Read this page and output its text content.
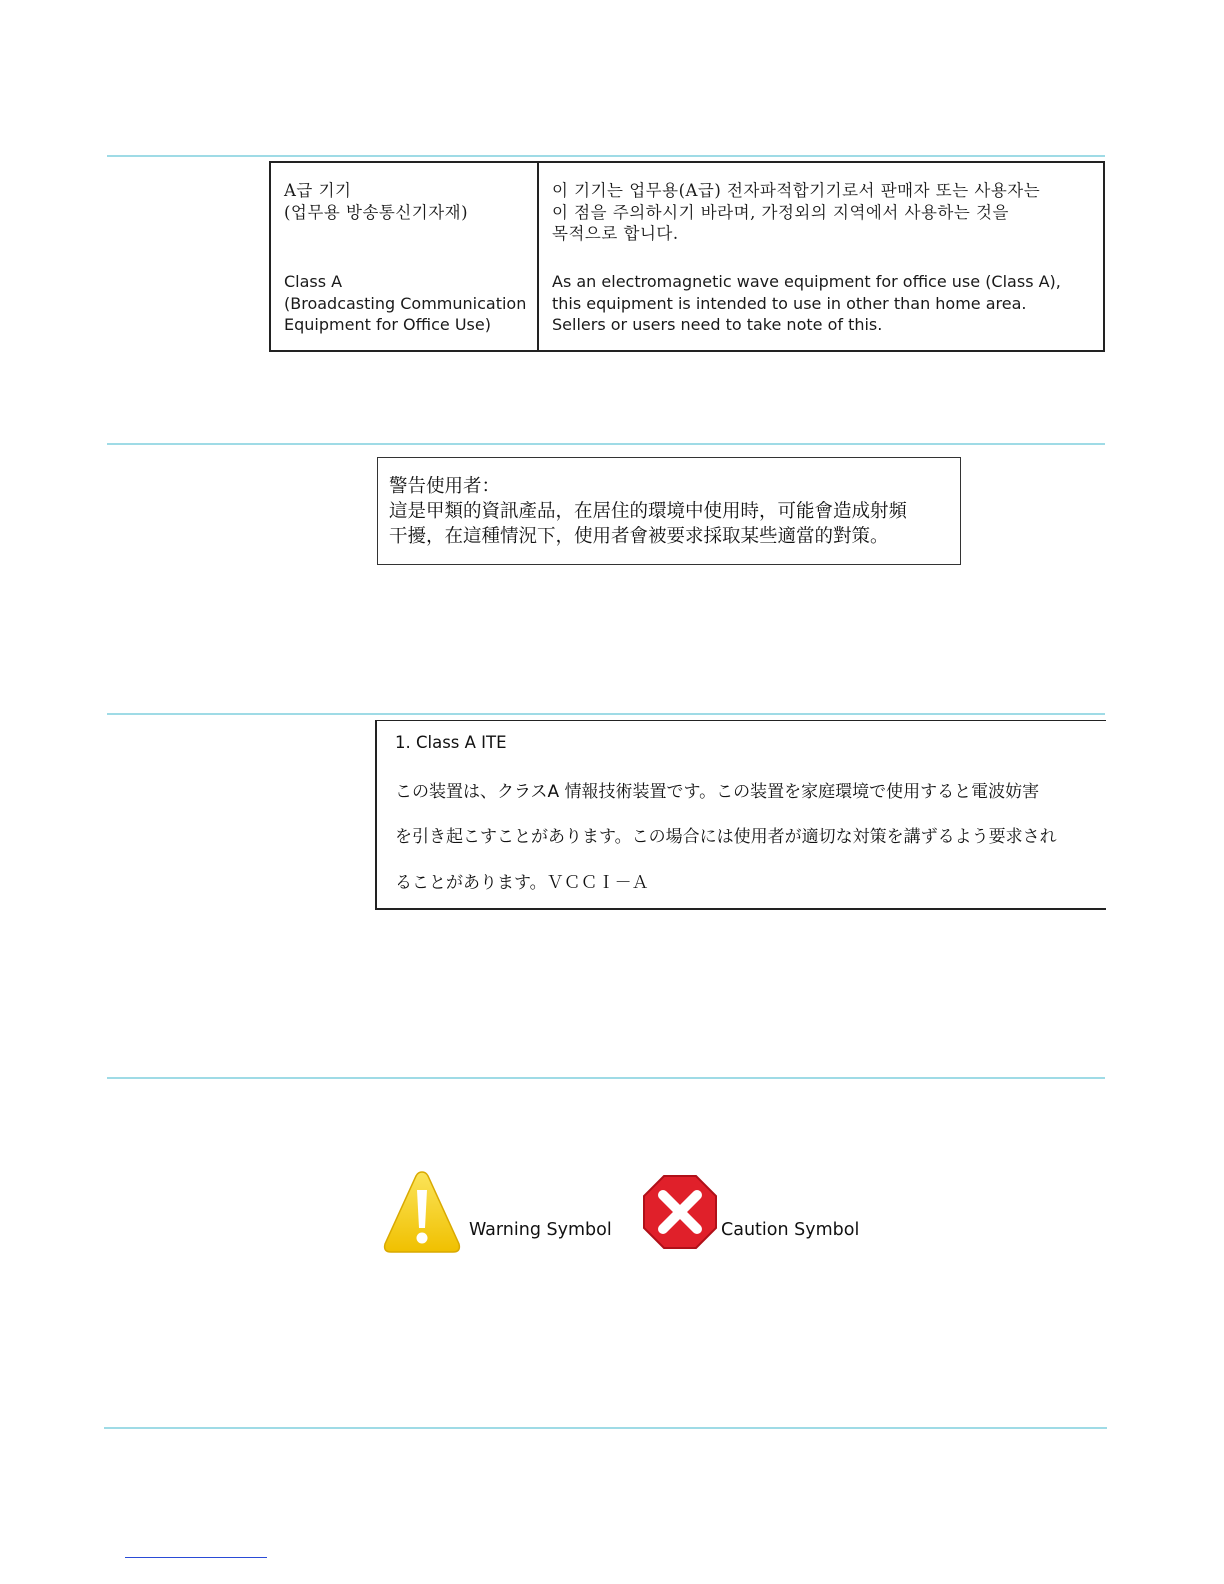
A급 기기
(업무용 방송통신기자재)
Class A
(Broadcasting Communication
Equipment for Office Use)
이 기기는 업무용(A급) 전자파적합기기로서 판매자 또는 사용자는
이 점을 주의하시기 바라며, 가정외의 지역에서 사용하는 것을
목적으로 합니다.
As an electromagnetic wave equipment for office use (Class A),
this equipment is intended to use in other than home area.
Sellers or users need to take note of this.
警告使用者：
這是甲類的資訊產品，在居住的環境中使用時，可能會造成射頻
干擾，在這種情況下，使用者會被要求採取某些適當的對策。
1. Class A ITE
この装置は、クラスA 情報技術装置です。この装置を家庭環境で使用すると電波妨害
を引き起こすことがあります。この場合には使用者が適切な対策を講ずるよう要求され
ることがあります。ＶＣＣＩ－Ａ
Warning Symbol	Caution Symbol
